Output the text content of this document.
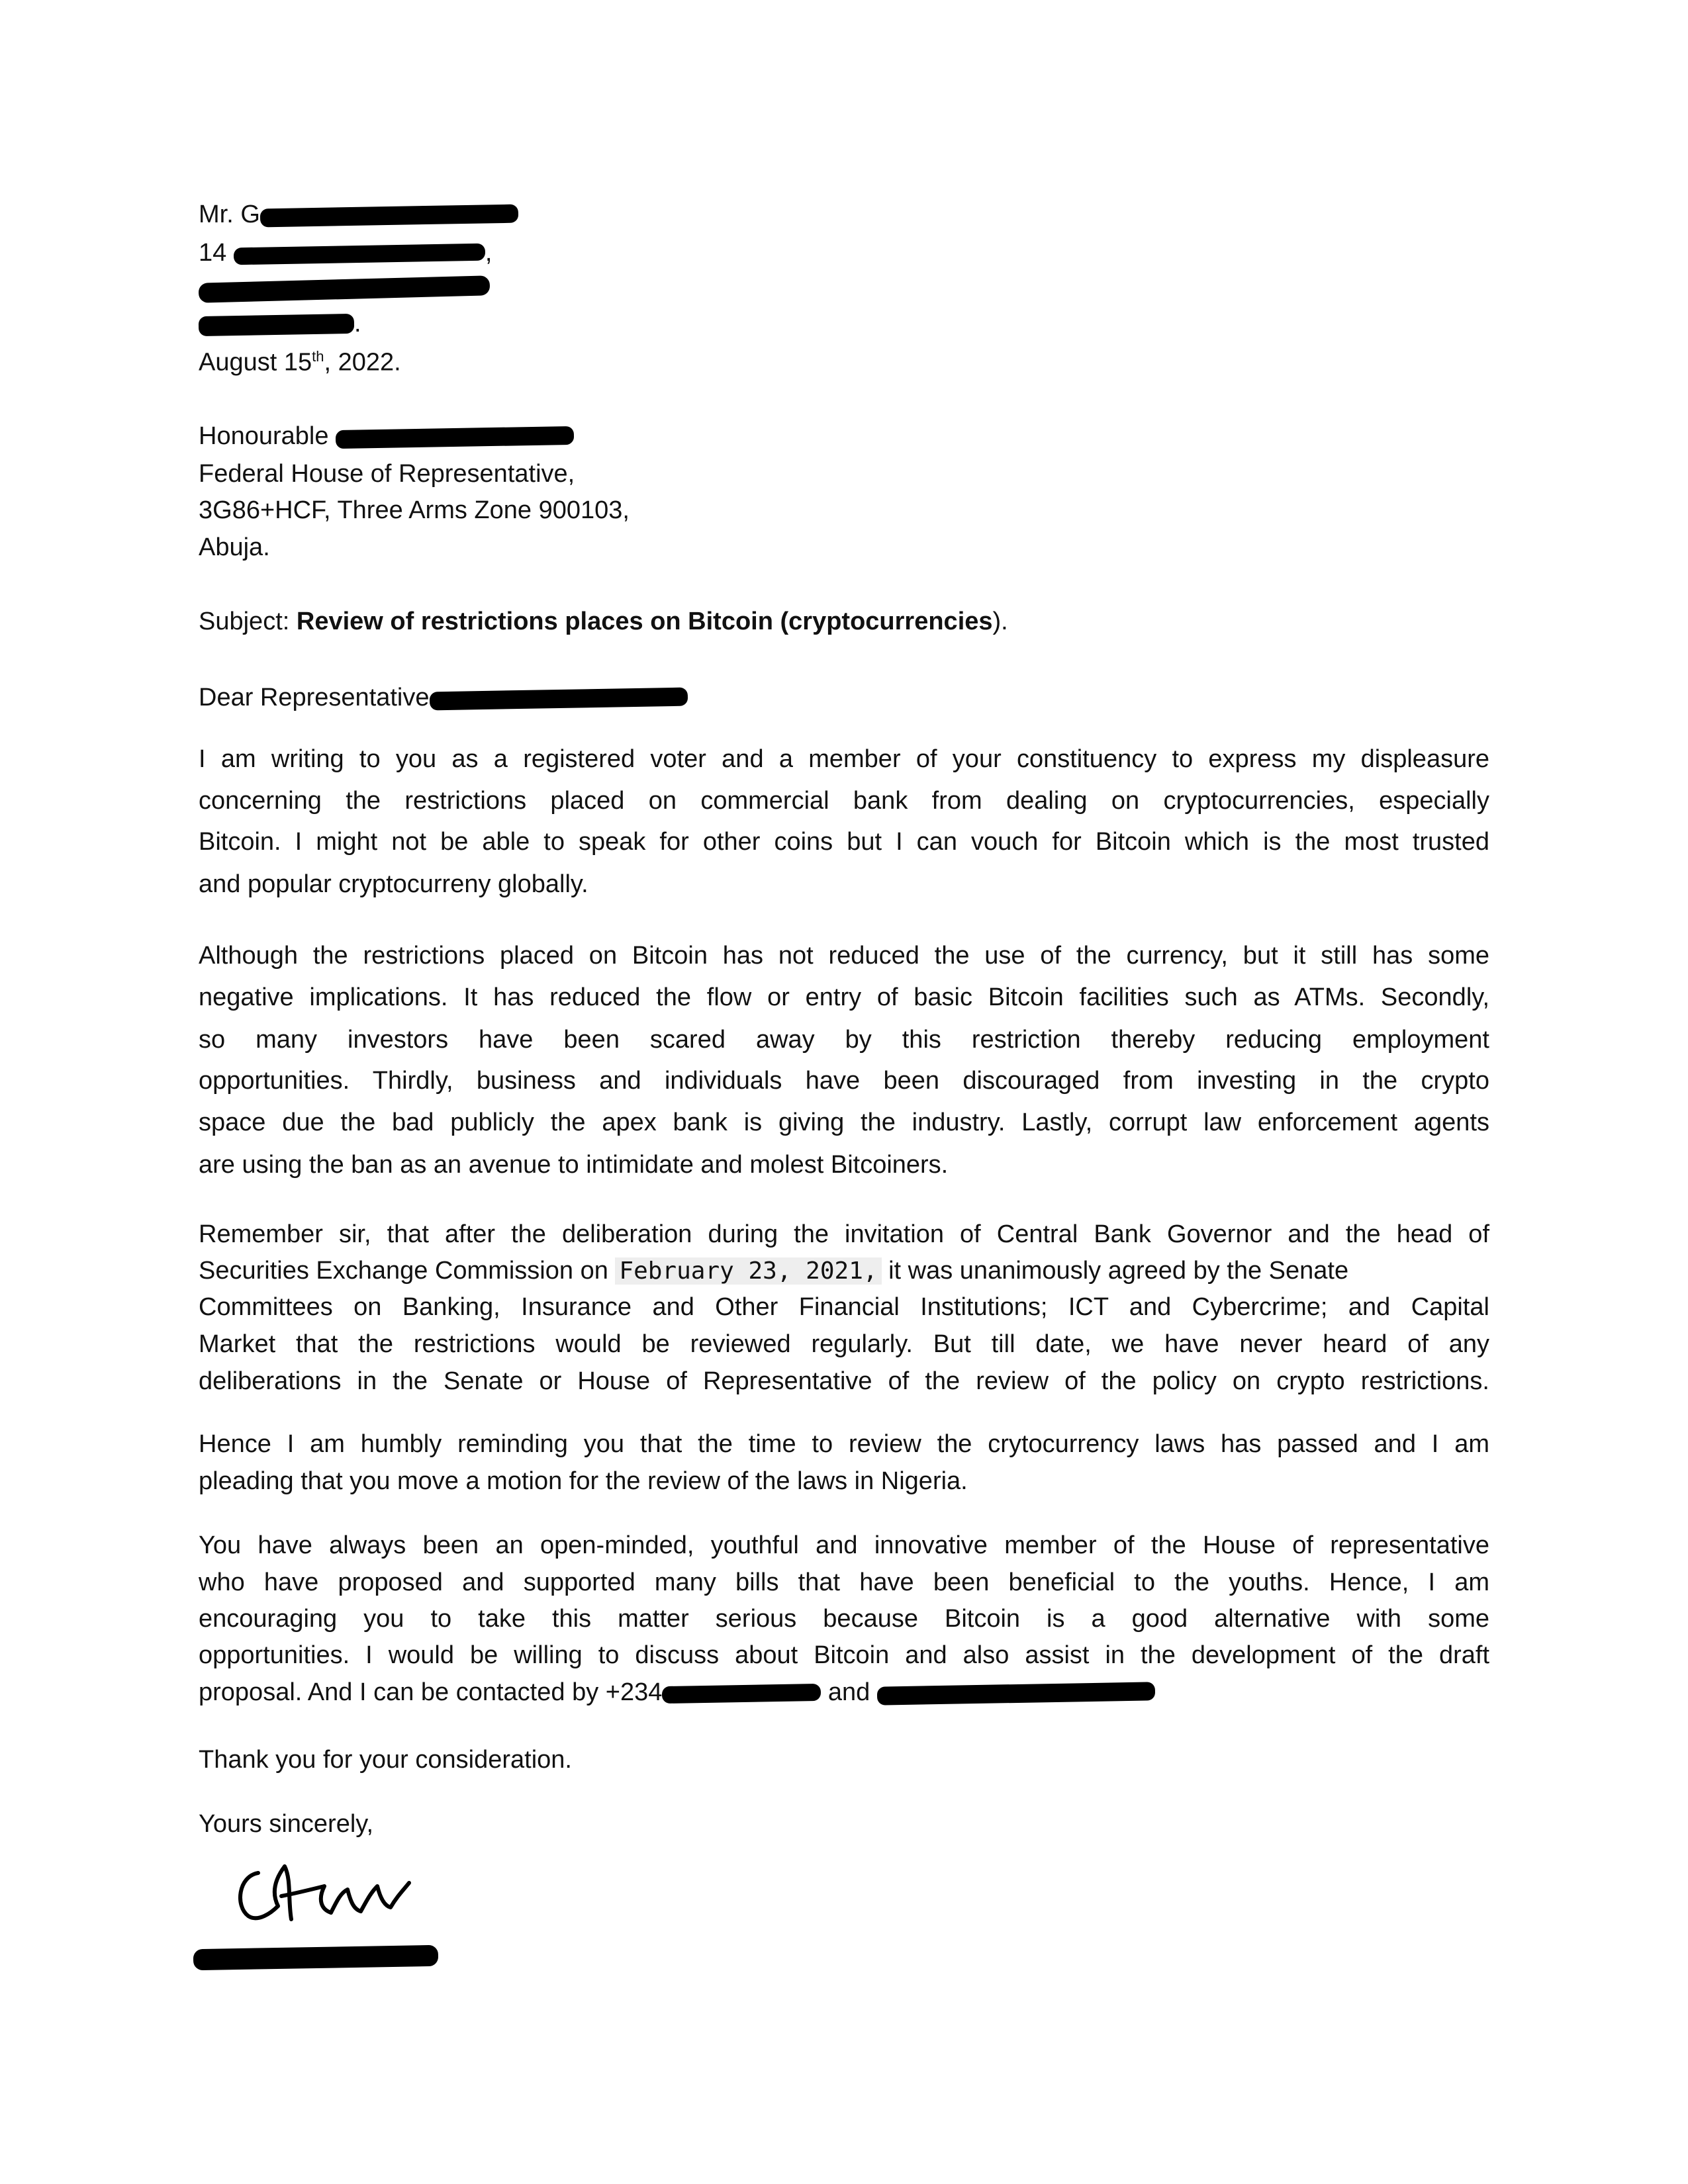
Mr. G
14	,
.
August 15th, 2022.
Honourable
Federal House of Representative,
3G86+HCF, Three Arms Zone 900103,
Abuja.
Subject: Review of restrictions places on Bitcoin (cryptocurrencies).
Dear Representative
I am writing to you as a registered voter and a member of your constituency to express my displeasure
concerning the restrictions placed on commercial bank from dealing on cryptocurrencies, especially
Bitcoin. I might not be able to speak for other coins but I can vouch for Bitcoin which is the most trusted
and popular cryptocurreny globally.
Although the restrictions placed on Bitcoin has not reduced the use of the currency, but it still has some
negative implications. It has reduced the flow or entry of basic Bitcoin facilities such as ATMs. Secondly,
so many investors have been scared away by this restriction thereby reducing employment
opportunities. Thirdly, business and individuals have been discouraged from investing in the crypto
space due the bad publicly the apex bank is giving the industry. Lastly, corrupt law enforcement agents
are using the ban as an avenue to intimidate and molest Bitcoiners.
Remember sir, that after the deliberation during the invitation of Central Bank Governor and the head of
Securities Exchange Commission on February 23, 2021, it was unanimously agreed by the Senate
Committees on Banking, Insurance and Other Financial Institutions; ICT and Cybercrime; and Capital
Market that the restrictions would be reviewed regularly. But till date, we have never heard of any
deliberations in the Senate or House of Representative of the review of the policy on crypto restrictions.
Hence I am humbly reminding you that the time to review the crytocurrency laws has passed and I am
pleading that you move a motion for the review of the laws in Nigeria.
You have always been an open-minded, youthful and innovative member of the House of representative
who have proposed and supported many bills that have been beneficial to the youths. Hence, I am
encouraging you to take this matter serious because Bitcoin is a good alternative with some
opportunities. I would be willing to discuss about Bitcoin and also assist in the development of the draft
proposal. And I can be contacted by +234	and
Thank you for your consideration.
Yours sincerely,
